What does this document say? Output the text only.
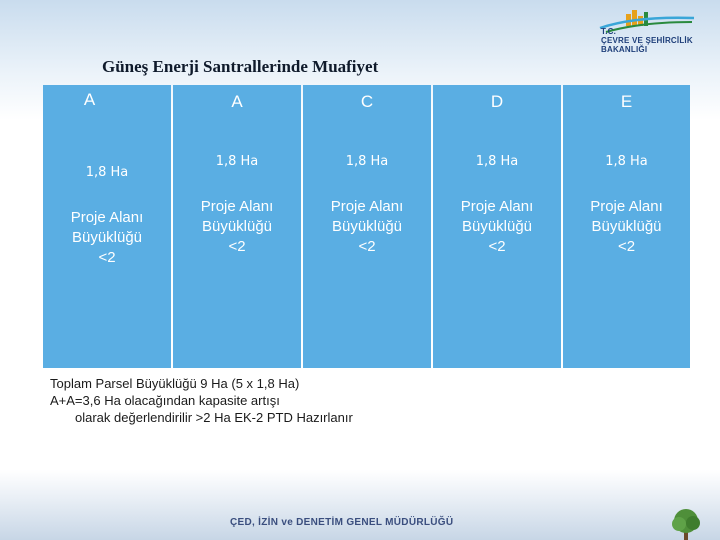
Güneş Enerji Santrallerinde Muafiyet
T.C.
ÇEVRE VE ŞEHİRCİLİK
BAKANLIĞI
A
1,8 Ha
Proje Alanı
Büyüklüğü
<2
A
1,8 Ha
Proje Alanı
Büyüklüğü
<2
C
1,8 Ha
Proje Alanı
Büyüklüğü
<2
D
1,8 Ha
Proje Alanı
Büyüklüğü
<2
E
1,8 Ha
Proje Alanı
Büyüklüğü
<2
Toplam Parsel Büyüklüğü 9 Ha (5 x 1,8 Ha)
A+A=3,6 Ha olacağından kapasite artışı
olarak değerlendirilir >2 Ha EK-2 PTD Hazırlanır
ÇED, İZİN ve DENETİM GENEL MÜDÜRLÜĞÜ
